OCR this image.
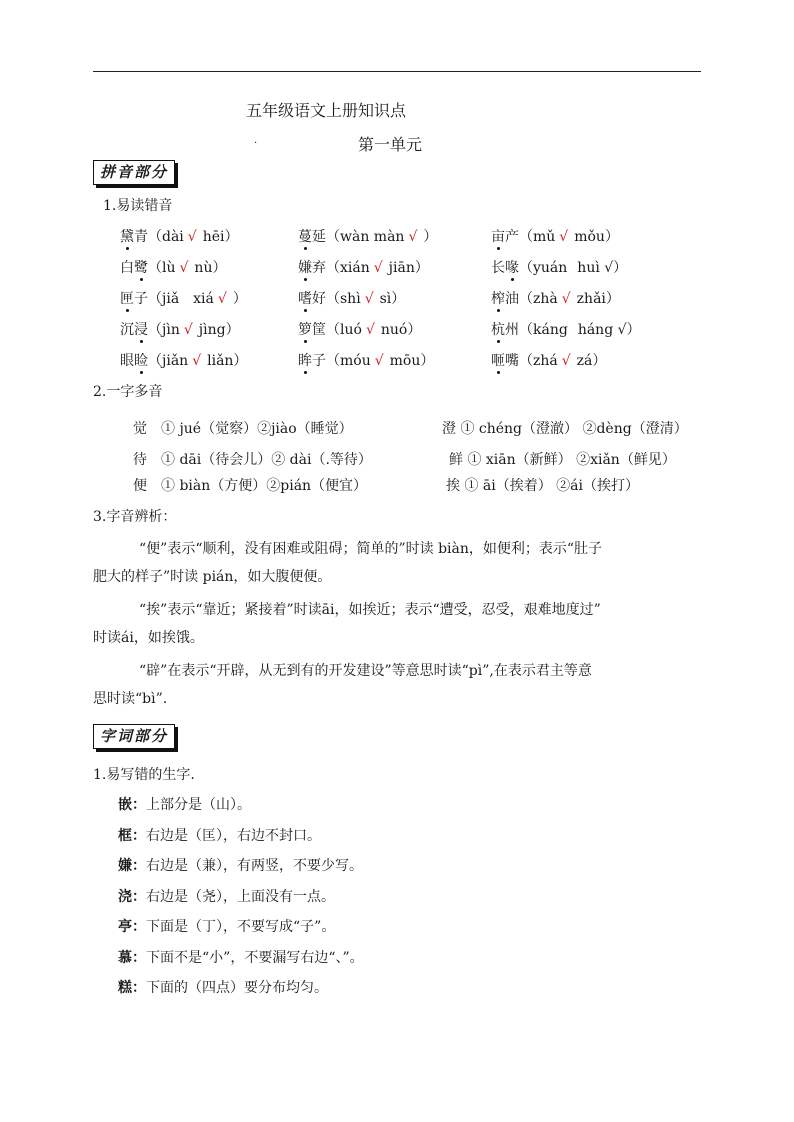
五年级语文上册知识点
.	第一单元
拼音部分
1.易读错音
黛青（dài √ hēi）	蔓延（wàn màn √ ）	亩产（mǔ √ mǒu）
白鹭（lù √ nù）	嫌弃（xián √ jiān）	长喙（yuán huì √）
匣子（jiǎ　xiá √ ）	嗜好（shì √ sì）	榨油（zhà √ zhǎi）
沉浸（jìn √ jìng）	箩筐（luó √ nuó）	杭州（káng háng √）
眼睑（jiǎn √ liǎn）	眸子（móu √ mōu）	咂嘴（zhá √ zá）
2.一字多音
觉　① jué（觉察）②jiào（睡觉）	澄 ① chéng（澄澈） ②dèng（澄清）
待　① dāi（待会儿）② dài（.等待）	鲜 ① xiān（新鲜） ②xiǎn（鲜见）
便　① biàn（方便）②pián（便宜）	挨 ① āi（挨着） ②ái（挨打）
3.字音辨析：
“便”表示“顺利，没有困难或阻碍；简单的”时读 biàn，如便利；表示“肚子
肥大的样子”时读 pián，如大腹便便。
“挨”表示“靠近；紧接着”时读āi，如挨近；表示“遭受，忍受，艰难地度过”
时读ái，如挨饿。
“辟”在表示“开辟，从无到有的开发建设”等意思时读“pì”,在表示君主等意
思时读“bì”.
字词部分
1.易写错的生字.
嵌：上部分是（山）。
框：右边是（匡），右边不封口。
嫌：右边是（兼），有两竖，不要少写。
浇：右边是（尧），上面没有一点。
亭：下面是（丁），不要写成“子”。
慕：下面不是“小”，不要漏写右边“、”。
糕：下面的（四点）要分布均匀。
